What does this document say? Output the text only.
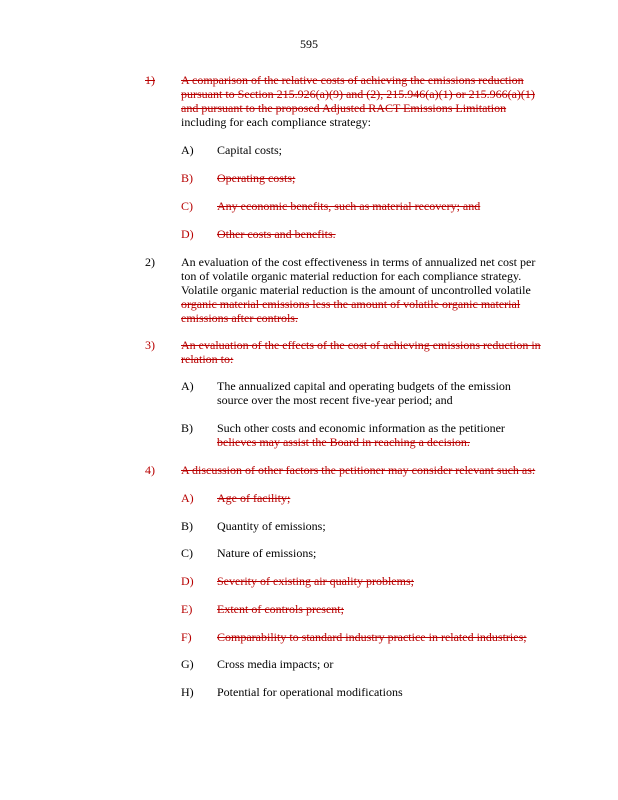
595
1) A comparison of the relative costs of achieving the emissions reduction
pursuant to Section 215.926(a)(9) and (2), 215.946(a)(1) or 215.966(a)(1)
and pursuant to the proposed Adjusted RACT Emissions Limitation
including for each compliance strategy:
A) Capital costs;
B) Operating costs;
C) Any economic benefits, such as material recovery; and
D) Other costs and benefits.
2) An evaluation of the cost effectiveness in terms of annualized net cost per
ton of volatile organic material reduction for each compliance strategy.
Volatile organic material reduction is the amount of uncontrolled volatile
organic material emissions less the amount of volatile organic material
emissions after controls.
3) An evaluation of the effects of the cost of achieving emissions reduction in
relation to:
A) The annualized capital and operating budgets of the emission
source over the most recent five-year period; and
B) Such other costs and economic information as the petitioner
believes may assist the Board in reaching a decision.
4) A discussion of other factors the petitioner may consider relevant such as:
A) Age of facility;
B) Quantity of emissions;
C) Nature of emissions;
D) Severity of existing air quality problems;
E) Extent of controls present;
F) Comparability to standard industry practice in related industries;
G) Cross media impacts; or
H) Potential for operational modifications
